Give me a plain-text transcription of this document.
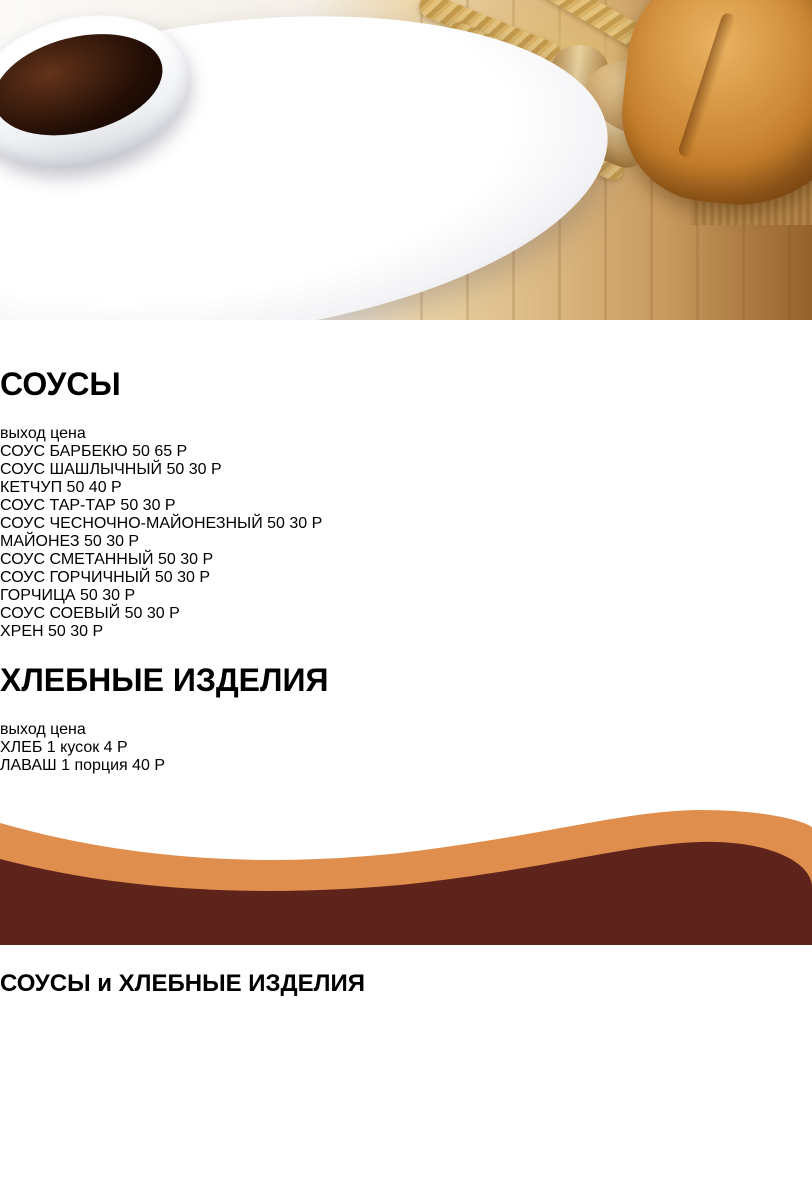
СОУСЫ
выход цена
СОУС БАРБЕКЮ 50 65 Р
СОУС ШАШЛЫЧНЫЙ 50 30 Р
КЕТЧУП 50 40 Р
СОУС ТАР-ТАР 50 30 Р
СОУС ЧЕСНОЧНО-МАЙОНЕЗНЫЙ 50 30 Р
МАЙОНЕЗ 50 30 Р
СОУС СМЕТАННЫЙ 50 30 Р
СОУС ГОРЧИЧНЫЙ 50 30 Р
ГОРЧИЦА 50 30 Р
СОУС СОЕВЫЙ 50 30 Р
ХРЕН 50 30 Р
ХЛЕБНЫЕ ИЗДЕЛИЯ
выход цена
ХЛЕБ 1 кусок 4 Р
ЛАВАШ 1 порция 40 Р
СОУСЫ и ХЛЕБНЫЕ ИЗДЕЛИЯ
